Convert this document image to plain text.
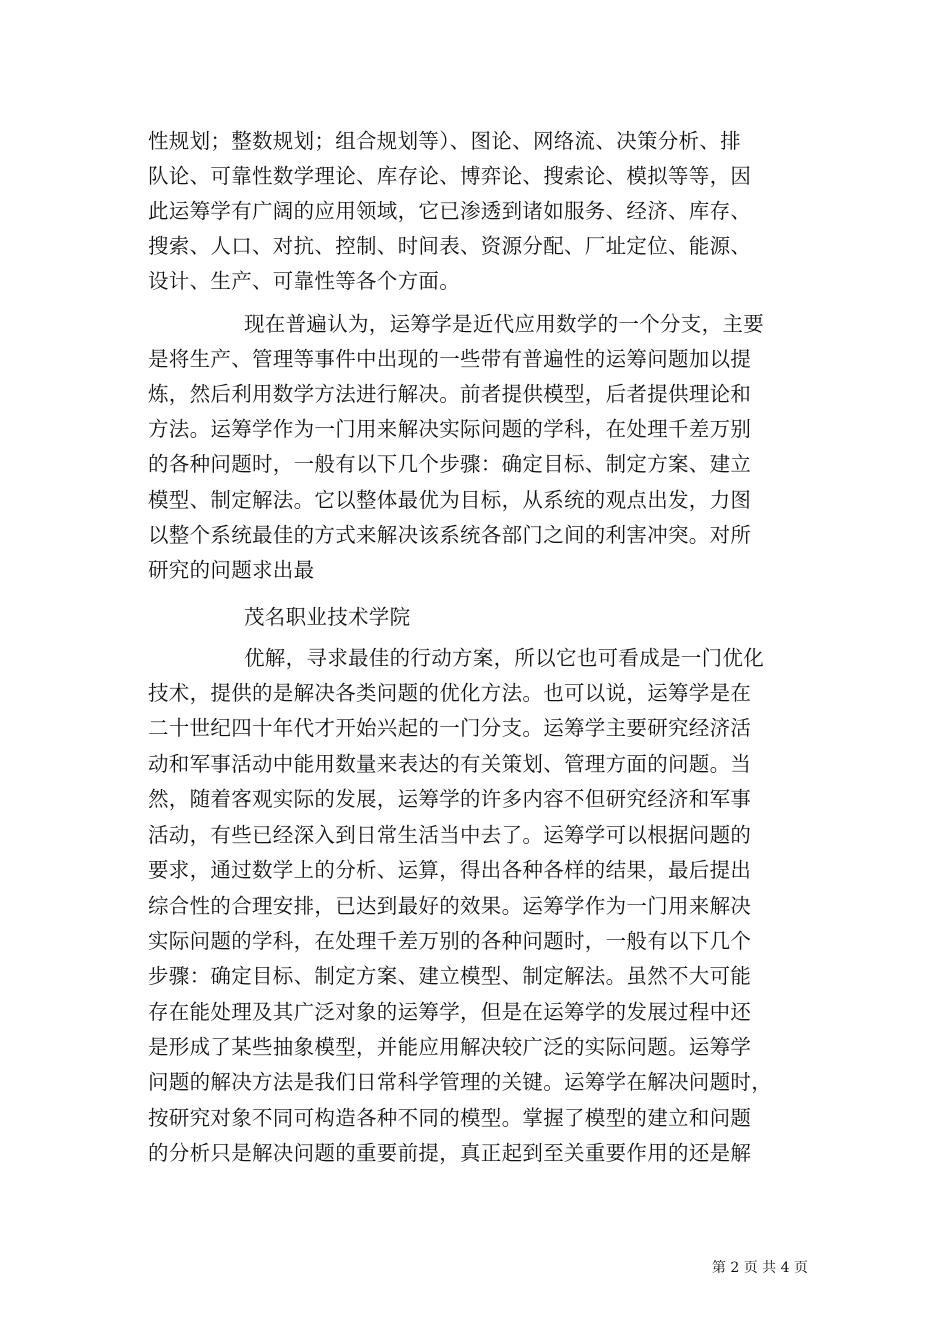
性规划；整数规划；组合规划等）、图论、网络流、决策分析、排
队论、可靠性数学理论、库存论、博弈论、搜索论、模拟等等，因
此运筹学有广阔的应用领域，它已渗透到诸如服务、经济、库存、
搜索、人口、对抗、控制、时间表、资源分配、厂址定位、能源、
设计、生产、可靠性等各个方面。
现在普遍认为，运筹学是近代应用数学的一个分支，主要
是将生产、管理等事件中出现的一些带有普遍性的运筹问题加以提
炼，然后利用数学方法进行解决。前者提供模型，后者提供理论和
方法。运筹学作为一门用来解决实际问题的学科，在处理千差万别
的各种问题时，一般有以下几个步骤：确定目标、制定方案、建立
模型、制定解法。它以整体最优为目标，从系统的观点出发，力图
以整个系统最佳的方式来解决该系统各部门之间的利害冲突。对所
研究的问题求出最
茂名职业技术学院
优解，寻求最佳的行动方案，所以它也可看成是一门优化
技术，提供的是解决各类问题的优化方法。也可以说，运筹学是在
二十世纪四十年代才开始兴起的一门分支。运筹学主要研究经济活
动和军事活动中能用数量来表达的有关策划、管理方面的问题。当
然，随着客观实际的发展，运筹学的许多内容不但研究经济和军事
活动，有些已经深入到日常生活当中去了。运筹学可以根据问题的
要求，通过数学上的分析、运算，得出各种各样的结果，最后提出
综合性的合理安排，已达到最好的效果。运筹学作为一门用来解决
实际问题的学科，在处理千差万别的各种问题时，一般有以下几个
步骤：确定目标、制定方案、建立模型、制定解法。虽然不大可能
存在能处理及其广泛对象的运筹学，但是在运筹学的发展过程中还
是形成了某些抽象模型，并能应用解决较广泛的实际问题。运筹学
问题的解决方法是我们日常科学管理的关键。运筹学在解决问题时，
按研究对象不同可构造各种不同的模型。掌握了模型的建立和问题
的分析只是解决问题的重要前提，真正起到至关重要作用的还是解
第 2 页 共 4 页
